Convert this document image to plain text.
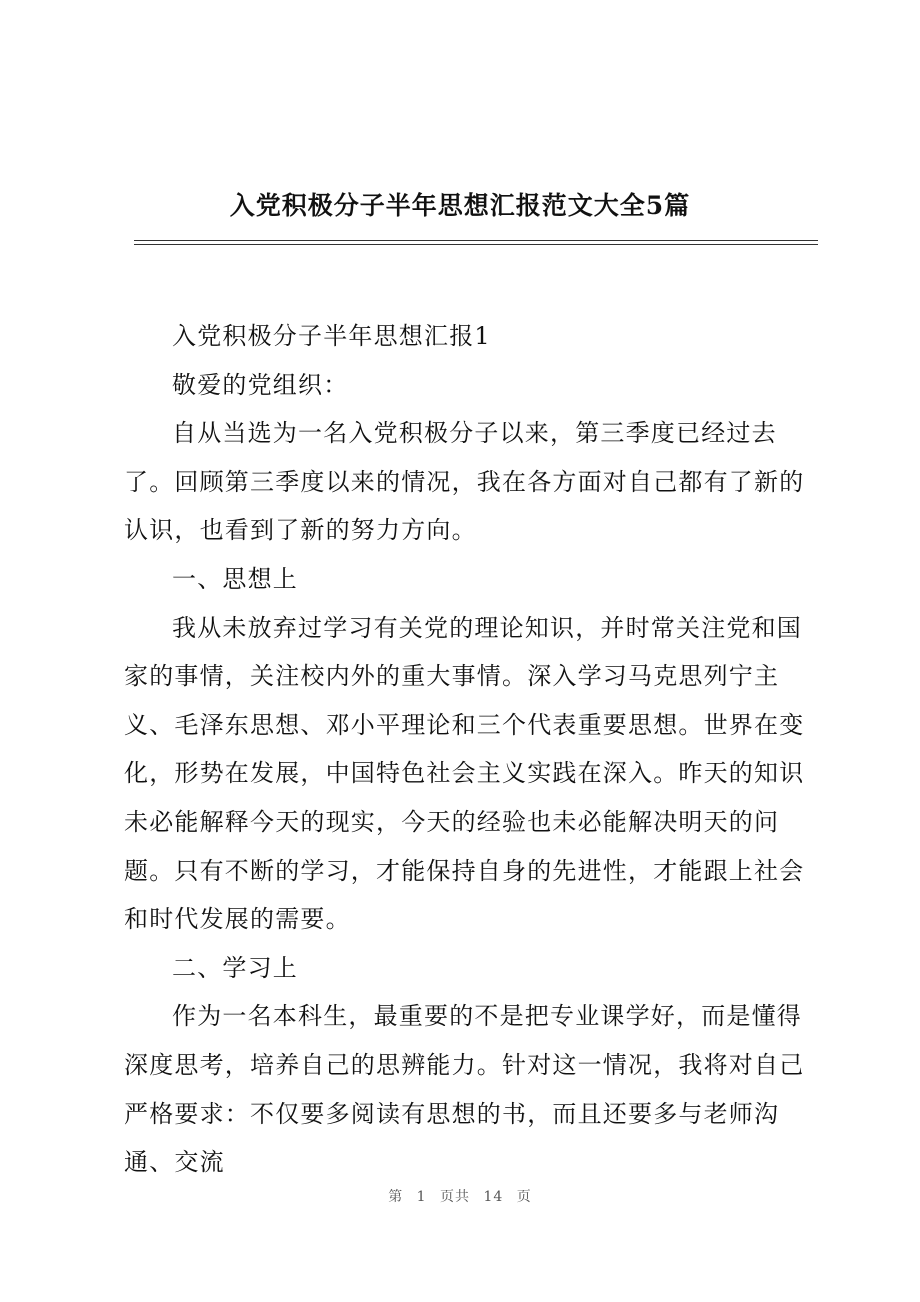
入党积极分子半年思想汇报范文大全5篇

入党积极分子半年思想汇报1

敬爱的党组织：

自从当选为一名入党积极分子以来，第三季度已经过去了。回顾第三季度以来的情况，我在各方面对自己都有了新的认识，也看到了新的努力方向。

一、思想上

我从未放弃过学习有关党的理论知识，并时常关注党和国家的事情，关注校内外的重大事情。深入学习马克思列宁主义、毛泽东思想、邓小平理论和三个代表重要思想。世界在变化，形势在发展，中国特色社会主义实践在深入。昨天的知识未必能解释今天的现实，今天的经验也未必能解决明天的问题。只有不断的学习，才能保持自身的先进性，才能跟上社会和时代发展的需要。

二、学习上

作为一名本科生，最重要的不是把专业课学好，而是懂得深度思考，培养自己的思辨能力。针对这一情况，我将对自己严格要求：不仅要多阅读有思想的书，而且还要多与老师沟通、交流

第 1 页共 14 页
